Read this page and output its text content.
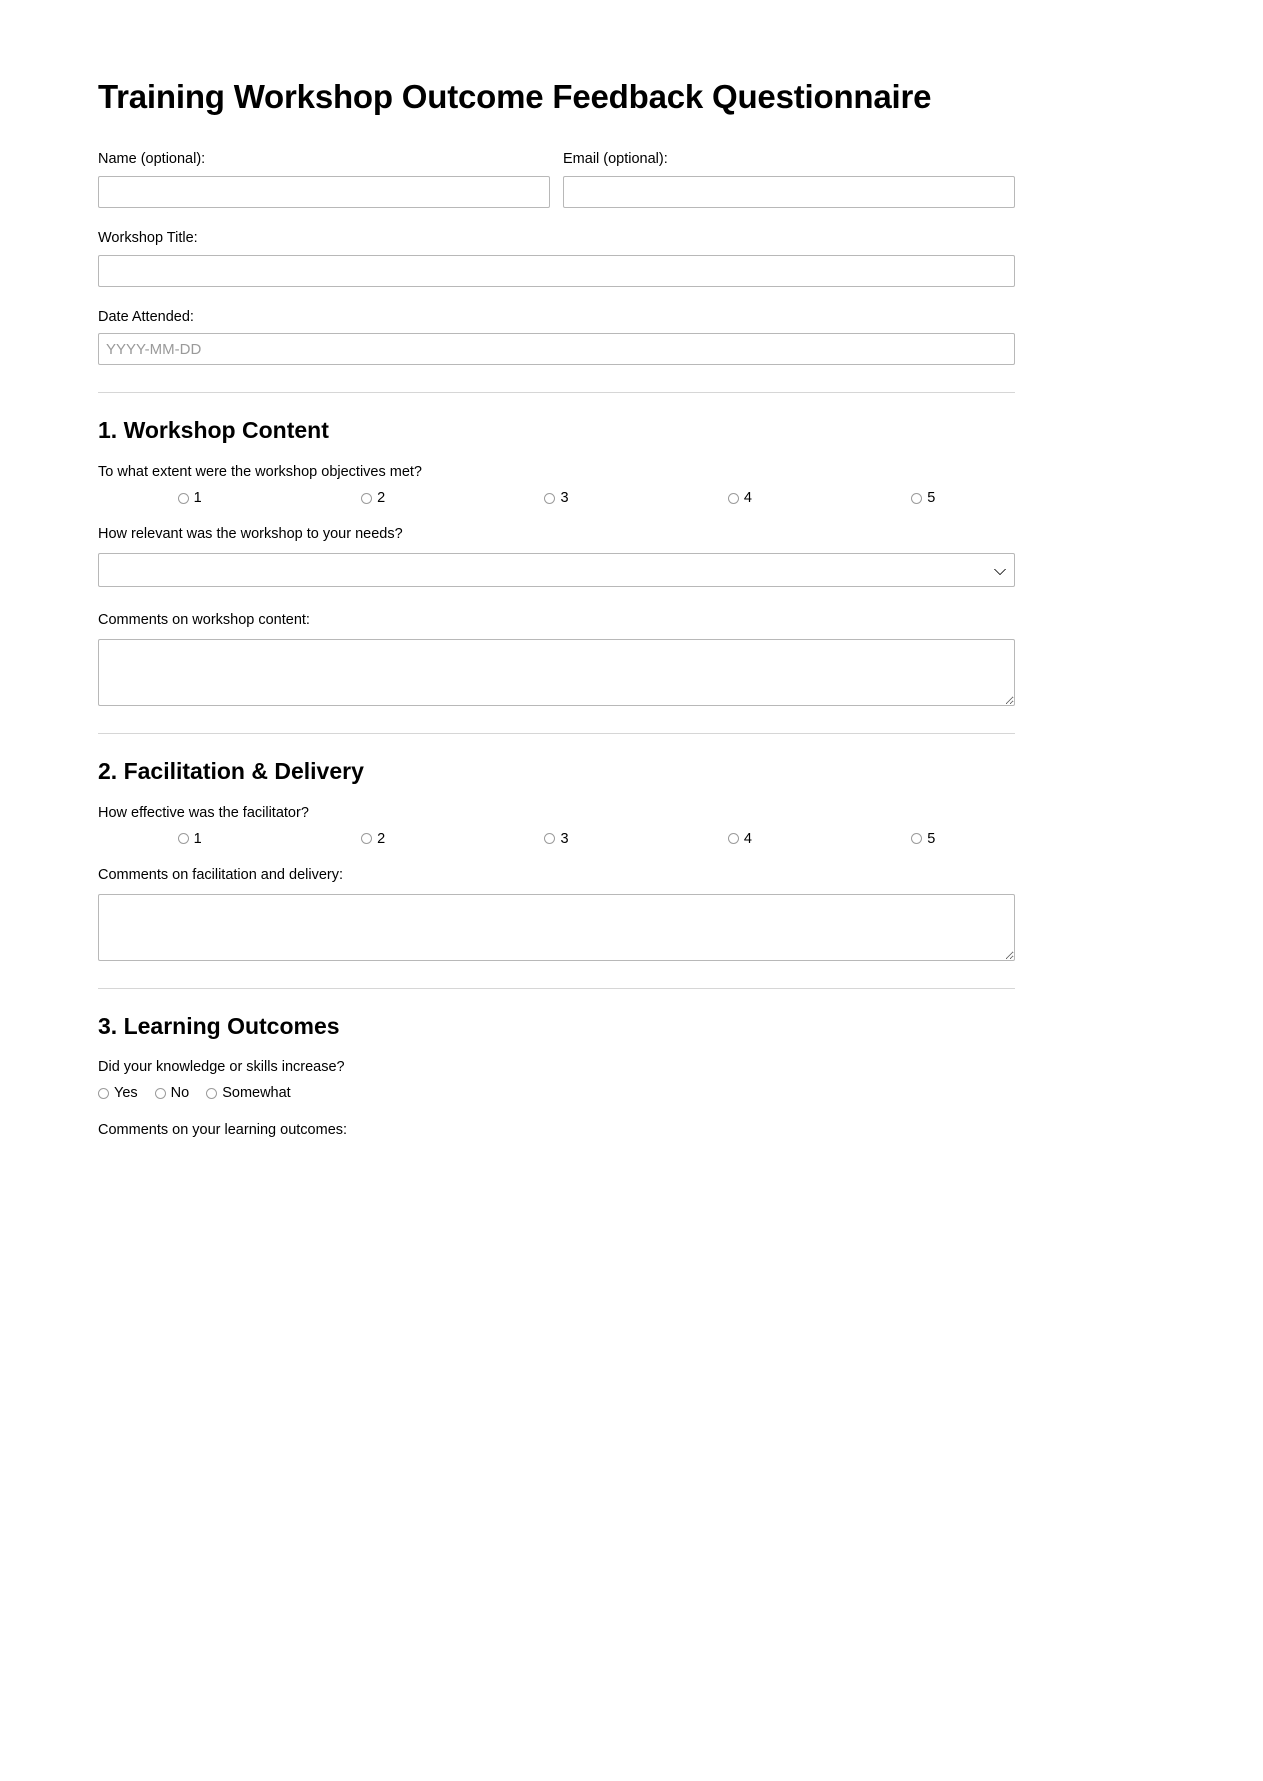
Training Workshop Outcome Feedback Questionnaire
Name (optional):	Email (optional):
Workshop Title:
Date Attended:
YYYY-MM-DD
1. Workshop Content
To what extent were the workshop objectives met?
1	2	3	4	5
How relevant was the workshop to your needs?
Comments on workshop content:
2. Facilitation & Delivery
How effective was the facilitator?
1	2	3	4	5
Comments on facilitation and delivery:
3. Learning Outcomes
Did your knowledge or skills increase?
Yes No Somewhat
Comments on your learning outcomes:
